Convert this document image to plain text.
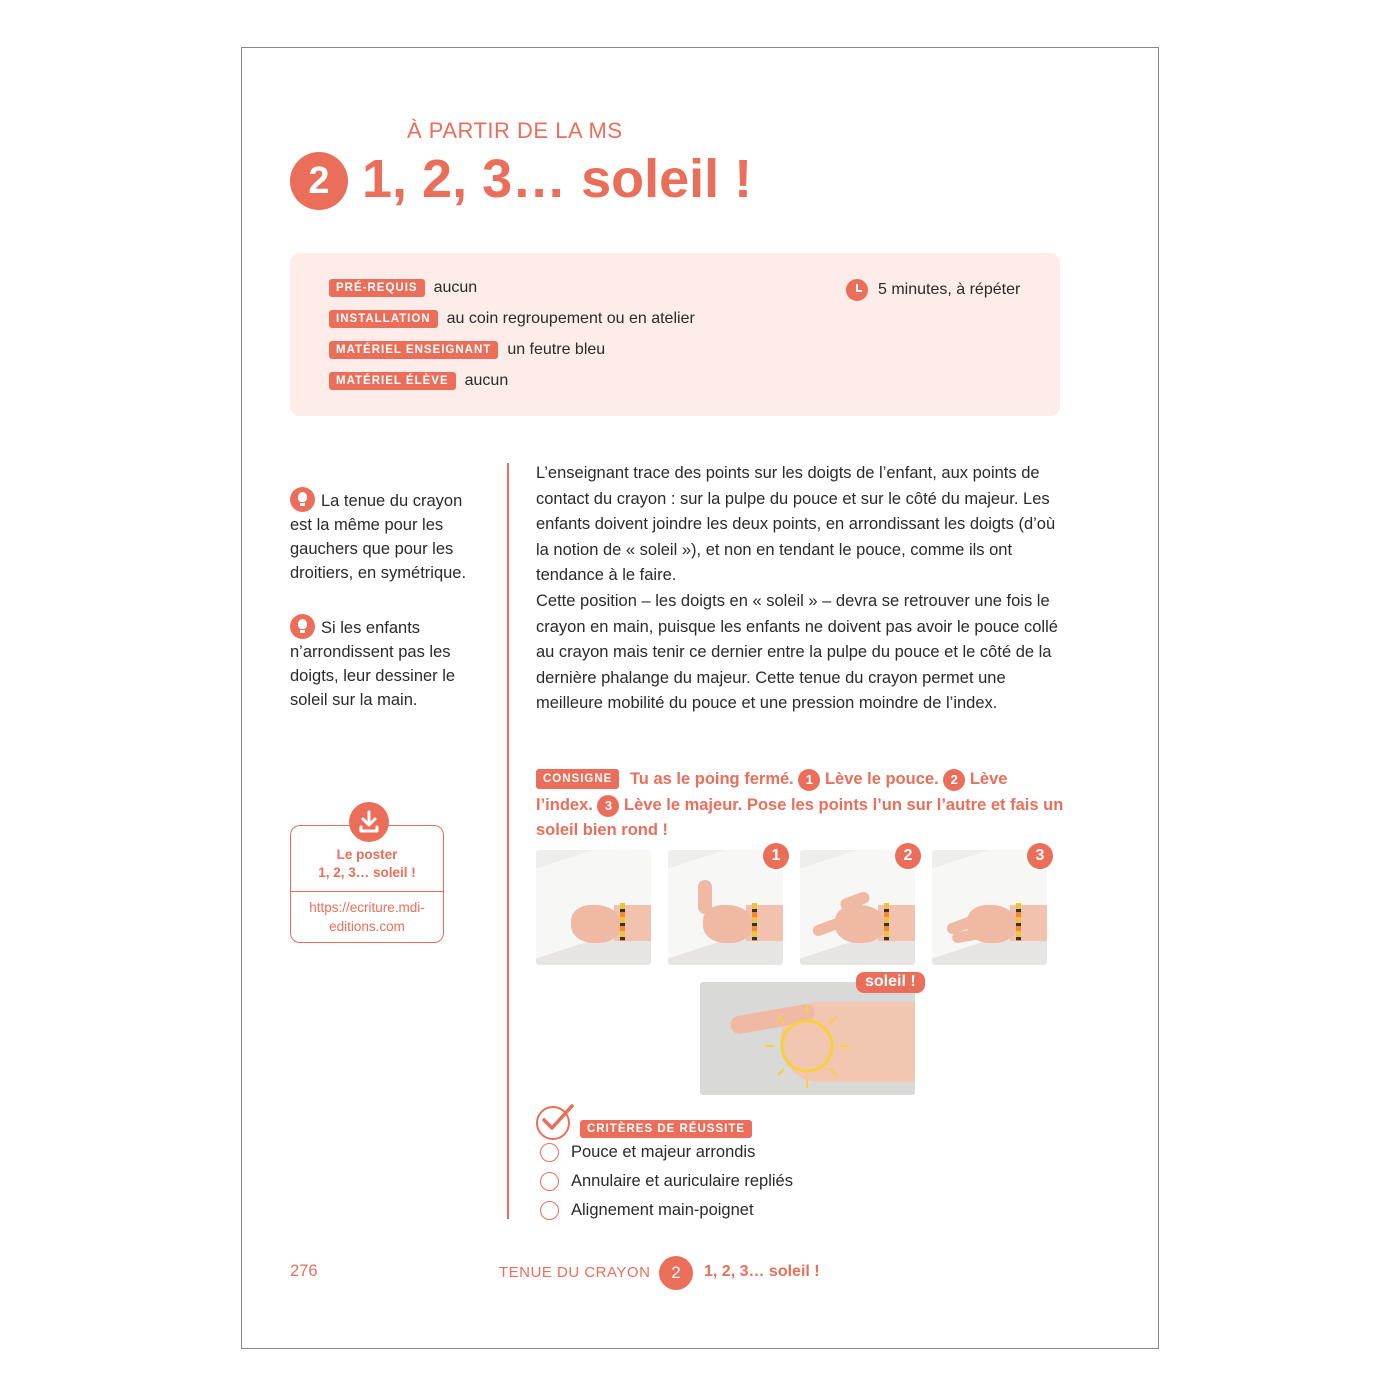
À PARTIR DE LA MS
2 1, 2, 3… soleil !
PRÉ-REQUIS	aucun
INSTALLATION	au coin regroupement ou en atelier
MATÉRIEL ENSEIGNANT	un feutre bleu
MATÉRIEL ÉLÈVE	aucun
5 minutes, à répéter
La tenue du crayon est la même pour les gauchers que pour les droitiers, en symétrique.
Si les enfants n’arrondissent pas les doigts, leur dessiner le soleil sur la main.
Le poster
1, 2, 3… soleil !
https://ecriture.mdi-
editions.com
L’enseignant trace des points sur les doigts de l’enfant, aux points de contact du crayon : sur la pulpe du pouce et sur le côté du majeur. Les enfants doivent joindre les deux points, en arrondissant les doigts (d’où la notion de « soleil »), et non en tendant le pouce, comme ils ont tendance à le faire.
Cette position – les doigts en « soleil » – devra se retrouver une fois le crayon en main, puisque les enfants ne doivent pas avoir le pouce collé au crayon mais tenir ce dernier entre la pulpe du pouce et le côté de la dernière phalange du majeur. Cette tenue du crayon permet une meilleure mobilité du pouce et une pression moindre de l’index.
CONSIGNE Tu as le poing fermé. 1 Lève le pouce. 2 Lève l’index. 3 Lève le majeur. Pose les points l’un sur l’autre et fais un soleil bien rond !
1	2	3
soleil !
CRITÈRES DE RÉUSSITE
Pouce et majeur arrondis
Annulaire et auriculaire repliés
Alignement main-poignet
276	TENUE DU CRAYON	2	1, 2, 3… soleil !
